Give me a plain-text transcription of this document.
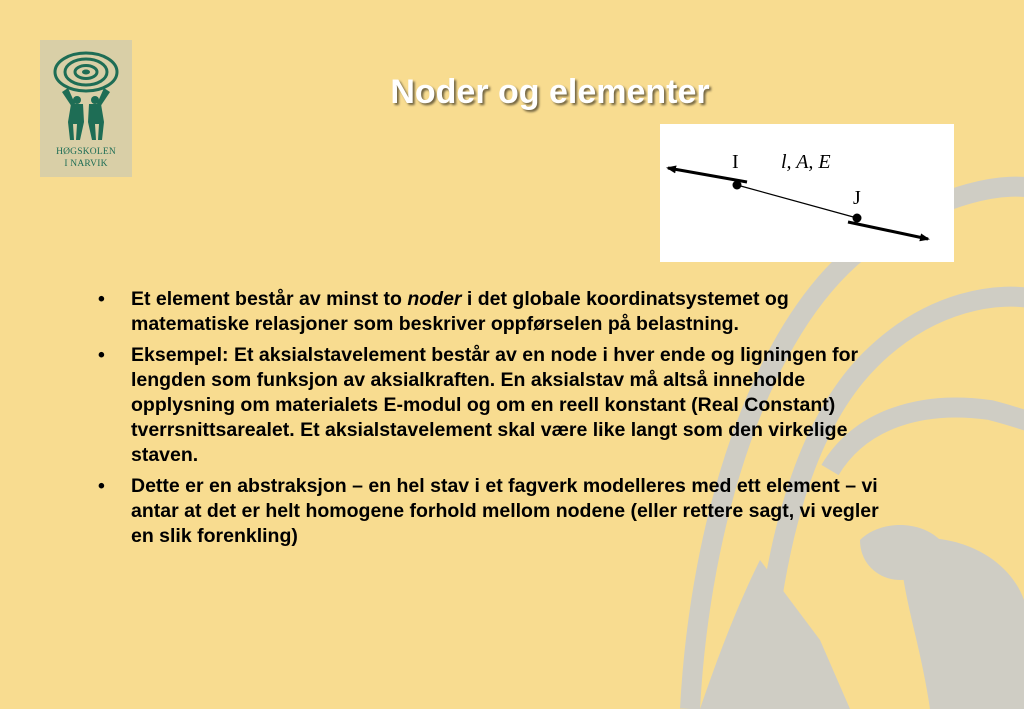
HØGSKOLEN
I NARVIK
Noder og elementer
I
J
l, A, E
• Et element består av minst to noder i det globale koordinatsystemet og matematiske relasjoner som beskriver oppførselen på belastning.
• Eksempel: Et aksialstavelement består av en node i hver ende og ligningen for lengden som funksjon av aksialkraften. En aksialstav må altså inneholde opplysning om materialets E-modul og om en reell konstant (Real Constant) tverrsnittsarealet. Et aksialstavelement skal være like langt som den virkelige staven.
• Dette er en abstraksjon – en hel stav i et fagverk modelleres med ett element – vi antar at det er helt homogene forhold mellom nodene (eller rettere sagt, vi vegler en slik forenkling)
